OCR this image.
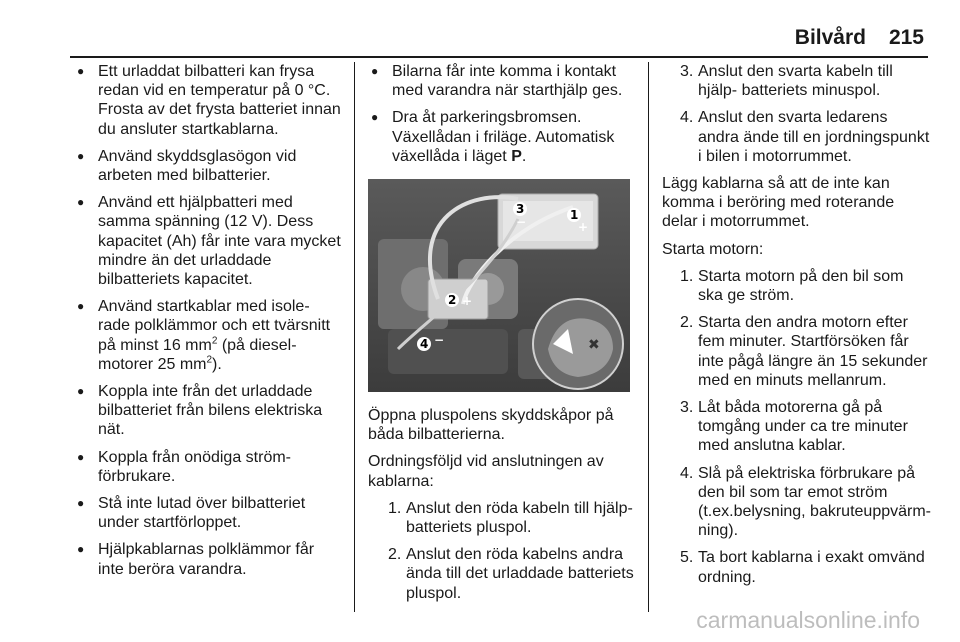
Bilvård 215
● Ett urladdat bilbatteri kan frysa redan vid en temperatur på 0 °C. Frosta av det frysta batteriet innan du ansluter startkablarna.
● Använd skyddsglasögon vid arbeten med bilbatterier.
● Använd ett hjälpbatteri med samma spänning (12 V). Dess kapacitet (Ah) får inte vara mycket mindre än det urladdade bilbatteriets kapacitet.
● Använd startkablar med isole- rade polklämmor och ett tvärsnitt på minst 16 $mm^2$ (på diesel- motorer 25 $mm^2$).
● Koppla inte från det urladdade bilbatteriet från bilens elektriska nät.
● Koppla från onödiga ström- förbrukare.
● Stå inte lutad över bilbatteriet under startförloppet.
● Hjälpkablarnas polklämmor får inte beröra varandra.
● Bilarna får inte komma i kontakt med varandra när starthjälp ges.
● Dra åt parkeringsbromsen. Växellådan i friläge. Automatisk växellåda i läget P.
✖
1
+
3
−
2 +
4 −
Öppna pluspolens skyddskåpor på båda bilbatterierna.
Ordningsföljd vid anslutningen av kablarna:
1. Anslut den röda kabeln till hjälp- batteriets pluspol.
2. Anslut den röda kabelns andra ända till det urladdade batteriets pluspol.
3. Anslut den svarta kabeln till hjälp- batteriets minuspol.
4. Anslut den svarta ledarens andra ände till en jordningspunkt i bilen i motorrummet.
Lägg kablarna så att de inte kan komma i beröring med roterande delar i motorrummet.
Starta motorn:
1. Starta motorn på den bil som ska ge ström.
2. Starta den andra motorn efter fem minuter. Startförsöken får inte pågå längre än 15 sekunder med en minuts mellanrum.
3. Låt båda motorerna gå på tomgång under ca tre minuter med anslutna kablar.
4. Slå på elektriska förbrukare på den bil som tar emot ström (t.ex.belysning, bakruteuppvärm- ning).
5. Ta bort kablarna i exakt omvänd ordning.
carmanualsonline.info
